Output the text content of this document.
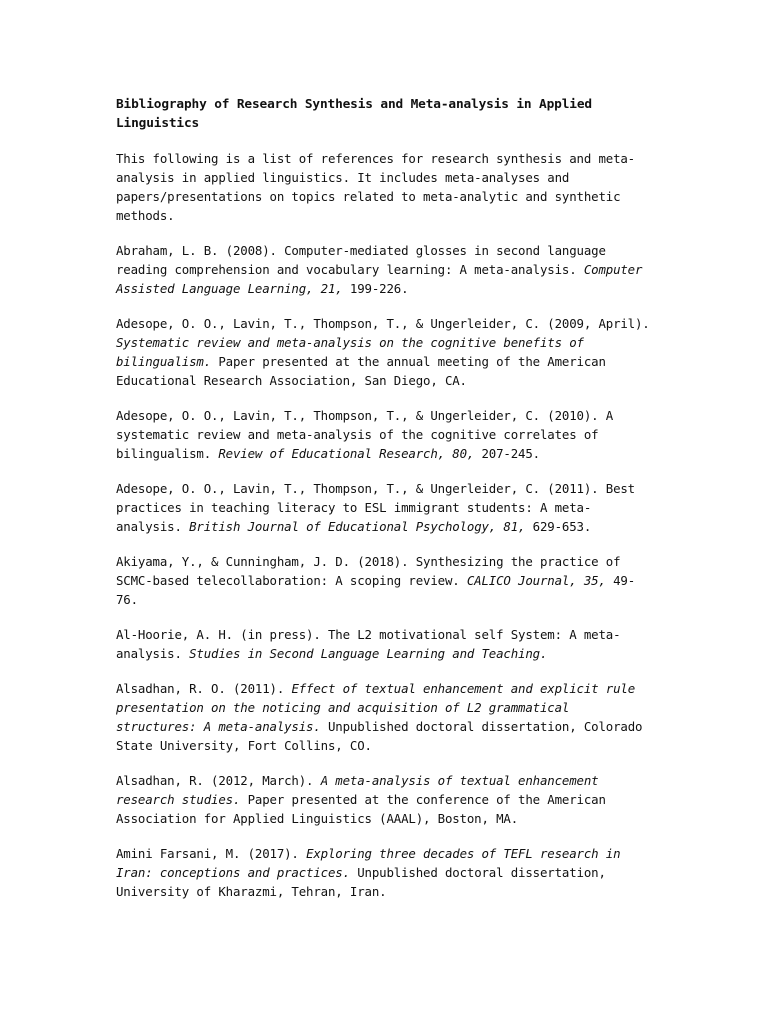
Bibliography of Research Synthesis and Meta-analysis in Applied Linguistics

This following is a list of references for research synthesis and meta-analysis in applied linguistics. It includes meta-analyses and papers/presentations on topics related to meta-analytic and synthetic methods.

Abraham, L. B. (2008). Computer-mediated glosses in second language reading comprehension and vocabulary learning: A meta-analysis. Computer Assisted Language Learning, 21, 199-226.

Adesope, O. O., Lavin, T., Thompson, T., & Ungerleider, C. (2009, April). Systematic review and meta-analysis on the cognitive benefits of bilingualism. Paper presented at the annual meeting of the American Educational Research Association, San Diego, CA.

Adesope, O. O., Lavin, T., Thompson, T., & Ungerleider, C. (2010). A systematic review and meta-analysis of the cognitive correlates of bilingualism. Review of Educational Research, 80, 207-245.

Adesope, O. O., Lavin, T., Thompson, T., & Ungerleider, C. (2011). Best practices in teaching literacy to ESL immigrant students: A meta-analysis. British Journal of Educational Psychology, 81, 629-653.

Akiyama, Y., & Cunningham, J. D. (2018). Synthesizing the practice of SCMC-based telecollaboration: A scoping review. CALICO Journal, 35, 49-76.

Al-Hoorie, A. H. (in press). The L2 motivational self System: A meta-analysis. Studies in Second Language Learning and Teaching.

Alsadhan, R. O. (2011). Effect of textual enhancement and explicit rule presentation on the noticing and acquisition of L2 grammatical structures: A meta-analysis. Unpublished doctoral dissertation, Colorado State University, Fort Collins, CO.

Alsadhan, R. (2012, March). A meta-analysis of textual enhancement research studies. Paper presented at the conference of the American Association for Applied Linguistics (AAAL), Boston, MA.

Amini Farsani, M. (2017). Exploring three decades of TEFL research in Iran: conceptions and practices. Unpublished doctoral dissertation, University of Kharazmi, Tehran, Iran.
